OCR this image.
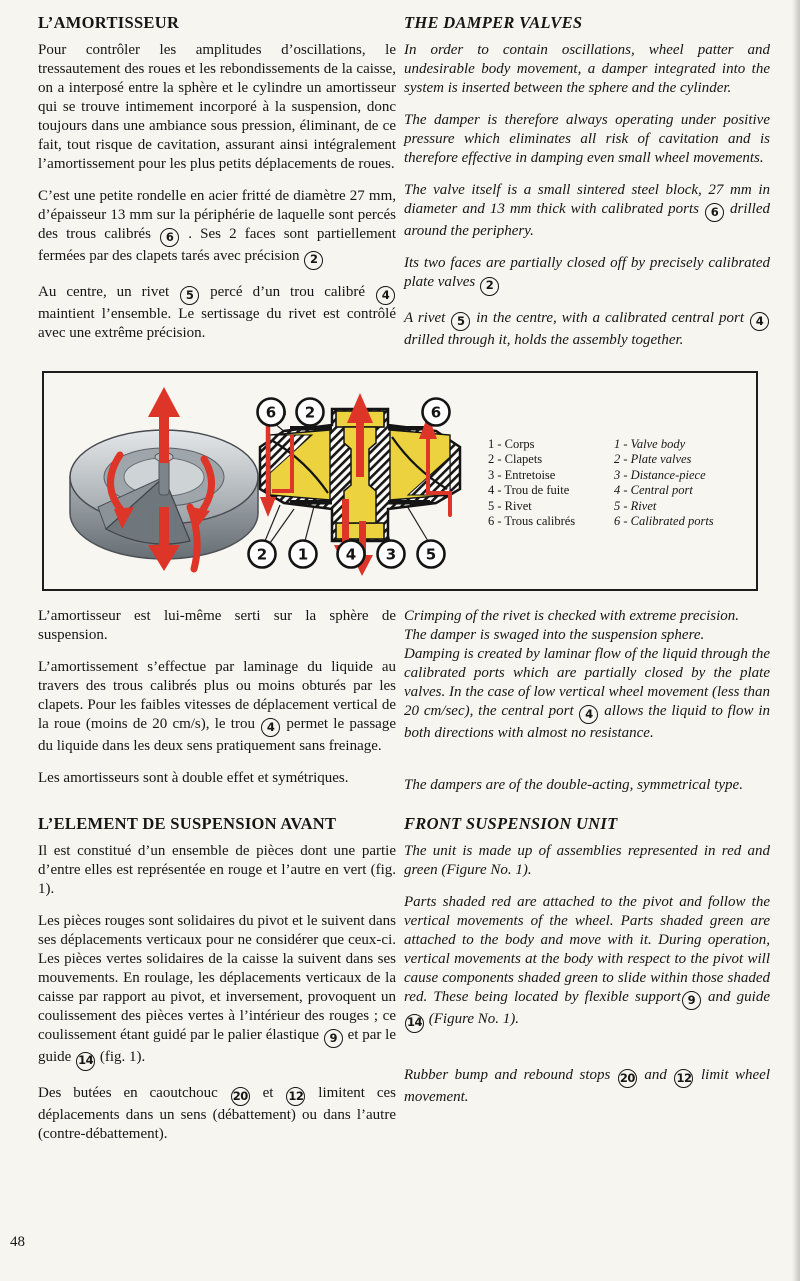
L’AMORTISSEUR

Pour contrôler les amplitudes d’oscillations, le tressautement des roues et les rebondissements de la caisse, on a interposé entre la sphère et le cylindre un amortisseur qui se trouve intimement incorporé à la suspension, donc toujours dans une ambiance sous pression, éliminant, de ce fait, tout risque de cavitation, assurant ainsi intégralement l’amortissement pour les plus petits déplacements de roues.

C’est une petite rondelle en acier fritté de diamètre 27 mm, d’épaisseur 13 mm sur la périphérie de laquelle sont percés des trous calibrés 6 . Ses 2 faces sont partiellement fermées par des clapets tarés avec précision 2

Au centre, un rivet 5 percé d’un trou calibré 4 maintient l’ensemble. Le sertissage du rivet est contrôlé avec une extrême précision.

THE DAMPER VALVES

In order to contain oscillations, wheel patter and undesirable body movement, a damper integrated into the system is inserted between the sphere and the cylinder.

The damper is therefore always operating under positive pressure which eliminates all risk of cavitation and is therefore effective in damping even small wheel movements.

The valve itself is a small sintered steel block, 27 mm in diameter and 13 mm thick with calibrated ports 6 drilled around the periphery.

Its two faces are partially closed off by precisely calibrated plate valves 2

A rivet 5 in the centre, with a calibrated central port 4 drilled through it, holds the assembly together.

6 2	6
2 1	4 3 5
1 - Corps
2 - Clapets
3 - Entretoise
4 - Trou de fuite
5 - Rivet
6 - Trous calibrés
1 - Valve body
2 - Plate valves
3 - Distance-piece
4 - Central port
5 - Rivet
6 - Calibrated ports

L’amortisseur est lui-même serti sur la sphère de suspension.

L’amortissement s’effectue par laminage du liquide au travers des trous calibrés plus ou moins obturés par les clapets. Pour les faibles vitesses de déplacement vertical de la roue (moins de 20 cm/s), le trou 4 permet le passage du liquide dans les deux sens pratiquement sans freinage.

Les amortisseurs sont à double effet et symétriques.

Crimping of the rivet is checked with extreme precision.

The damper is swaged into the suspension sphere.

Damping is created by laminar flow of the liquid through the calibrated ports which are partially closed by the plate valves. In the case of low vertical wheel movement (less than 20 cm/sec), the central port 4 allows the liquid to flow in both directions with almost no resistance.

The dampers are of the double-acting, symmetrical type.

L’ELEMENT DE SUSPENSION AVANT

Il est constitué d’un ensemble de pièces dont une partie d’entre elles est représentée en rouge et l’autre en vert (fig. 1).

Les pièces rouges sont solidaires du pivot et le suivent dans ses déplacements verticaux pour ne considérer que ceux-ci. Les pièces vertes solidaires de la caisse la suivent dans ses mouvements. En roulage, les déplacements verticaux de la caisse par rapport au pivot, et inversement, provoquent un coulissement des pièces vertes à l’intérieur des rouges ; ce coulissement étant guidé par le palier élastique 9 et par le guide 14 (fig. 1).

Des butées en caoutchouc 20 et 12 limitent ces déplacements dans un sens (débattement) ou dans l’autre (contre-débattement).

FRONT SUSPENSION UNIT

The unit is made up of assemblies represented in red and green (Figure No. 1).

Parts shaded red are attached to the pivot and follow the vertical movements of the wheel. Parts shaded green are attached to the body and move with it. During operation, vertical movements at the body with respect to the pivot will cause components shaded green to slide within those shaded red. These being located by flexible support 9 and guide 14 (Figure No. 1).

Rubber bump and rebound stops 20 and 12 limit wheel movement.

48
